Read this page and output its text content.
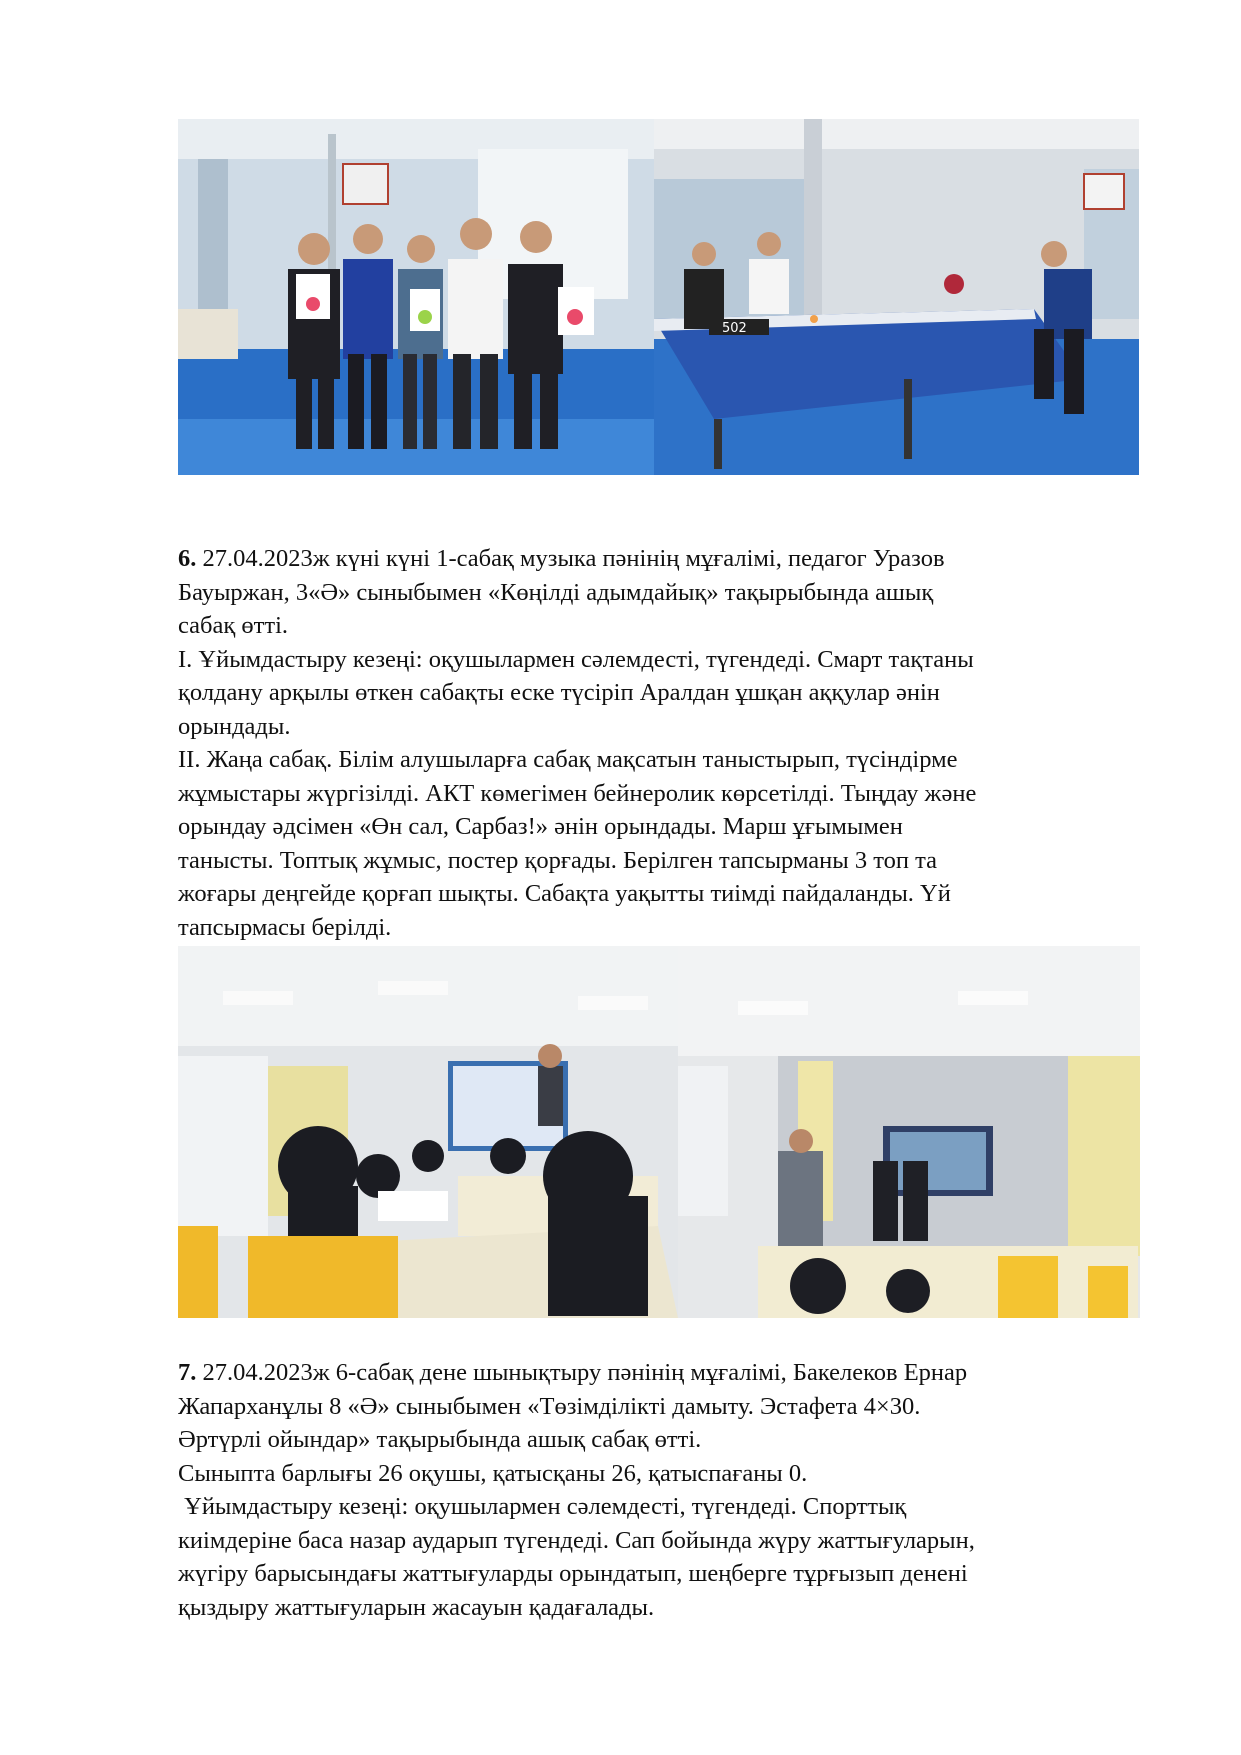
502

6. 27.04.2023ж күні күні 1-сабақ музыка пәнінің мұғалімі, педагог Уразов

Бауыржан, 3«Ә» сыныбымен «Көңілді адымдайық» тақырыбында ашық

сабақ өтті.

I. Ұйымдастыру кезеңі: оқушылармен сәлемдесті, түгендеді. Смарт тақтаны

қолдану арқылы өткен сабақты еске түсіріп Аралдан ұшқан аққулар әнін

орындады.

II. Жаңа сабақ. Білім алушыларға сабақ мақсатын таныстырып, түсіндірме

жұмыстары жүргізілді. АКТ көмегімен бейнеролик көрсетілді. Тыңдау және

орындау әдсімен «Өн сал, Сарбаз!» әнін орындады. Марш ұғымымен

танысты. Топтық жұмыс, постер қорғады. Берілген тапсырманы 3 топ та

жоғары деңгейде қорғап шықты. Сабақта уақытты тиімді пайдаланды. Үй

тапсырмасы берілді.

7. 27.04.2023ж 6-сабақ дене шынықтыру пәнінің мұғалімі, Бакелеков Ернар

Жапарханұлы 8 «Ә» сыныбымен «Төзімділікті дамыту. Эстафета 4×30.

Әртүрлі ойындар» тақырыбында ашық сабақ өтті.

Сыныпта барлығы 26 оқушы, қатысқаны 26, қатыспағаны 0.

Ұйымдастыру кезеңі: оқушылармен сәлемдесті, түгендеді. Спорттық

киімдеріне баса назар аударып түгендеді. Сап бойында жүру жаттығуларын,

жүгіру барысындағы жаттығуларды орындатып, шеңберге тұрғызып денені

қыздыру жаттығуларын жасауын қадағалады.
